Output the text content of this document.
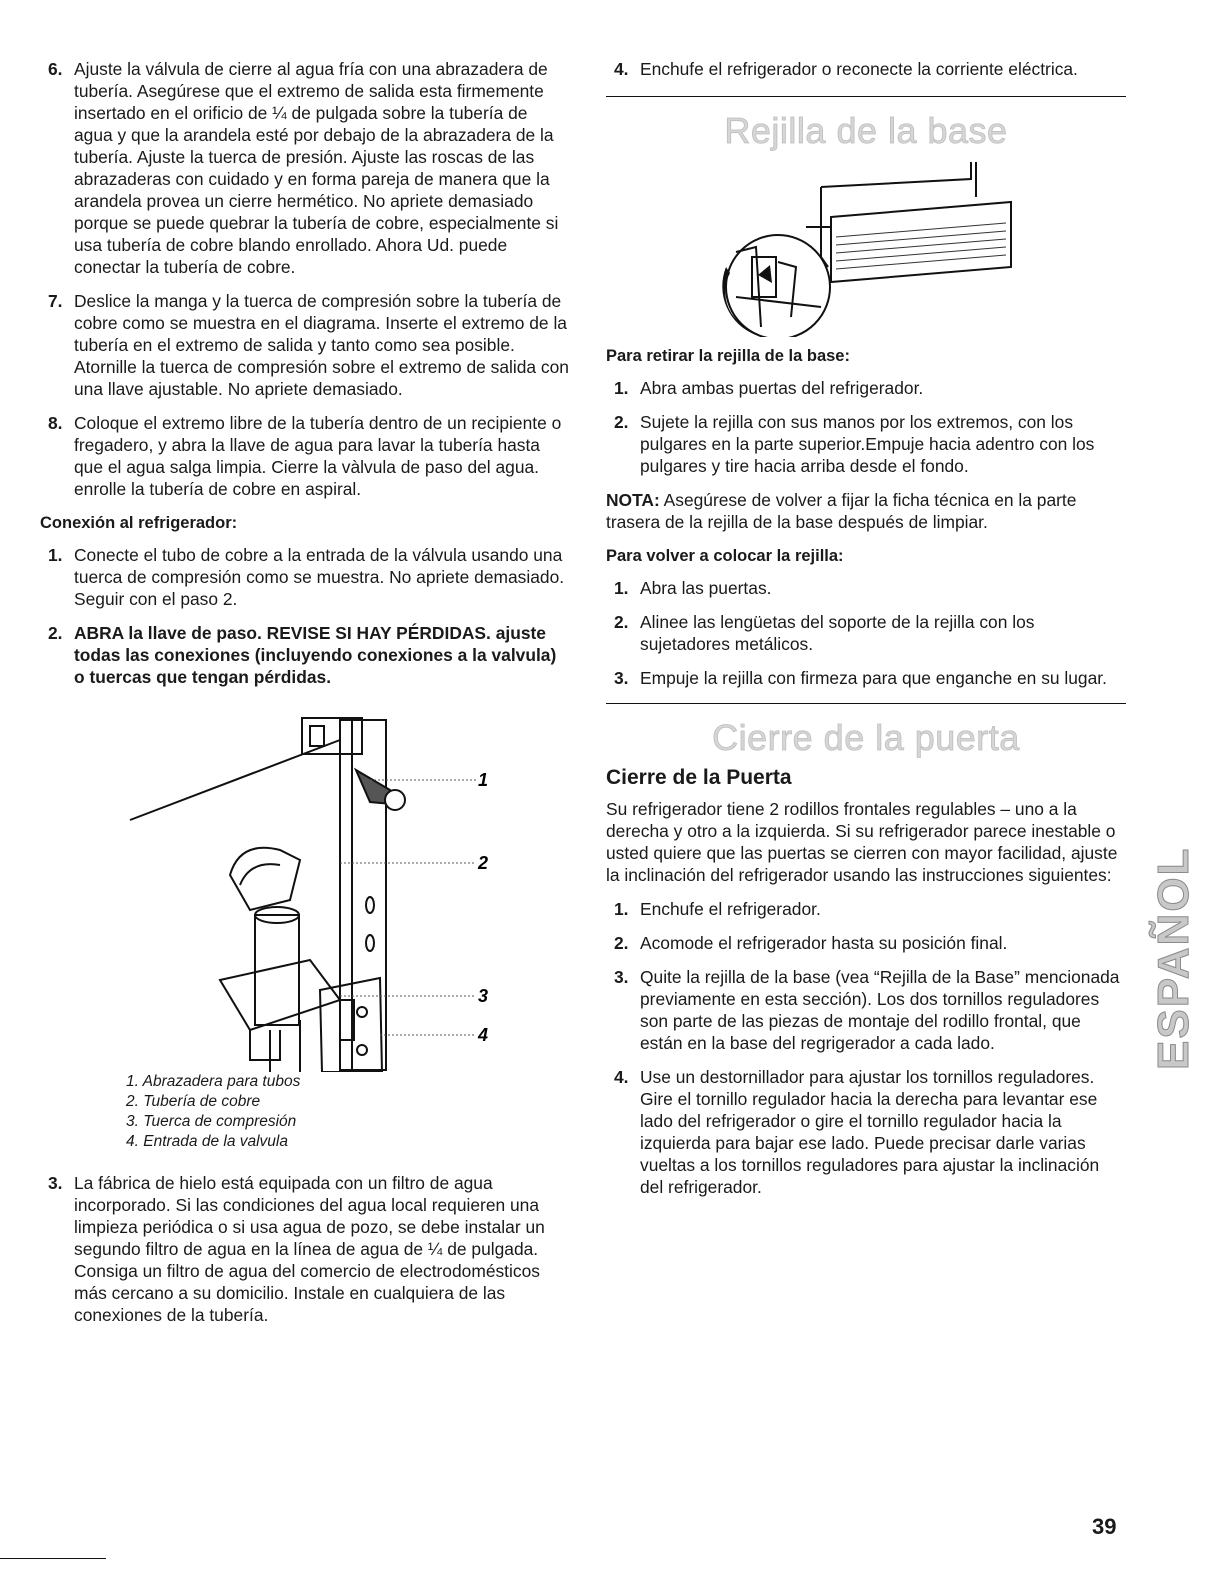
6. Ajuste la válvula de cierre al agua fría con una abrazadera de tubería. Asegúrese que el extremo de salida esta firmemente insertado en el orificio de ¼ de pulgada sobre la tubería de agua y que la arandela esté por debajo de la abrazadera de la tubería. Ajuste la tuerca de presión. Ajuste las roscas de las abrazaderas con cuidado y en forma pareja de manera que la arandela provea un cierre hermético. No apriete demasiado porque se puede quebrar la tubería de cobre, especialmente si usa tubería de cobre blando enrollado. Ahora Ud. puede conectar la tubería de cobre.
7. Deslice la manga y la tuerca de compresión sobre la tubería de cobre como se muestra en el diagrama. Inserte el extremo de la tubería en el extremo de salida y tanto como sea posible. Atornille la tuerca de compresión sobre el extremo de salida con una llave ajustable. No apriete demasiado.
8. Coloque el extremo libre de la tubería dentro de un recipiente o fregadero, y abra la llave de agua para lavar la tubería hasta que el agua salga limpia. Cierre la vàlvula de paso del agua. enrolle la tubería de cobre en aspiral.
Conexión al refrigerador:
1. Conecte el tubo de cobre a la entrada de la válvula usando una tuerca de compresión como se muestra. No apriete demasiado. Seguir con el paso 2.
2. ABRA la llave de paso. REVISE SI HAY PÉRDIDAS. ajuste todas las conexiones (incluyendo conexiones a la valvula) o tuercas que tengan pérdidas.
1
2
3
4
1. Abrazadera para tubos
2. Tubería de cobre
3. Tuerca de compresión
4. Entrada de la valvula
3. La fábrica de hielo está equipada con un filtro de agua incorporado. Si las condiciones del agua local requieren una limpieza periódica o si usa agua de pozo, se debe instalar un segundo filtro de agua en la línea de agua de ¼ de pulgada. Consiga un filtro de agua del comercio de electrodomésticos más cercano a su domicilio. Instale en cualquiera de las conexiones de la tubería.
4. Enchufe el refrigerador o reconecte la corriente eléctrica.
Rejilla de la base
Para retirar la rejilla de la base:
1. Abra ambas puertas del refrigerador.
2. Sujete la rejilla con sus manos por los extremos, con los pulgares en la parte superior.Empuje hacia adentro con los pulgares y tire hacia arriba desde el fondo.
NOTA: Asegúrese de volver a fijar la ficha técnica en la parte trasera de la rejilla de la base después de limpiar.
Para volver a colocar la rejilla:
1. Abra las puertas.
2. Alinee las lengüetas del soporte de la rejilla con los sujetadores metálicos.
3. Empuje la rejilla con firmeza para que enganche en su lugar.
Cierre de la puerta
Cierre de la Puerta
Su refrigerador tiene 2 rodillos frontales regulables – uno a la derecha y otro a la izquierda. Si su refrigerador parece inestable o usted quiere que las puertas se cierren con mayor facilidad, ajuste la inclinación del refrigerador usando las instrucciones siguientes:
1. Enchufe el refrigerador.
2. Acomode el refrigerador hasta su posición final.
3. Quite la rejilla de la base (vea “Rejilla de la Base” mencionada previamente en esta sección). Los dos tornillos reguladores son parte de las piezas de montaje del rodillo frontal, que están en la base del regrigerador a cada lado.
4. Use un destornillador para ajustar los tornillos reguladores. Gire el tornillo regulador hacia la derecha para levantar ese lado del refrigerador o gire el tornillo regulador hacia la izquierda para bajar ese lado. Puede precisar darle varias vueltas a los tornillos reguladores para ajustar la inclinación del refrigerador.
ESPAÑOL
39
